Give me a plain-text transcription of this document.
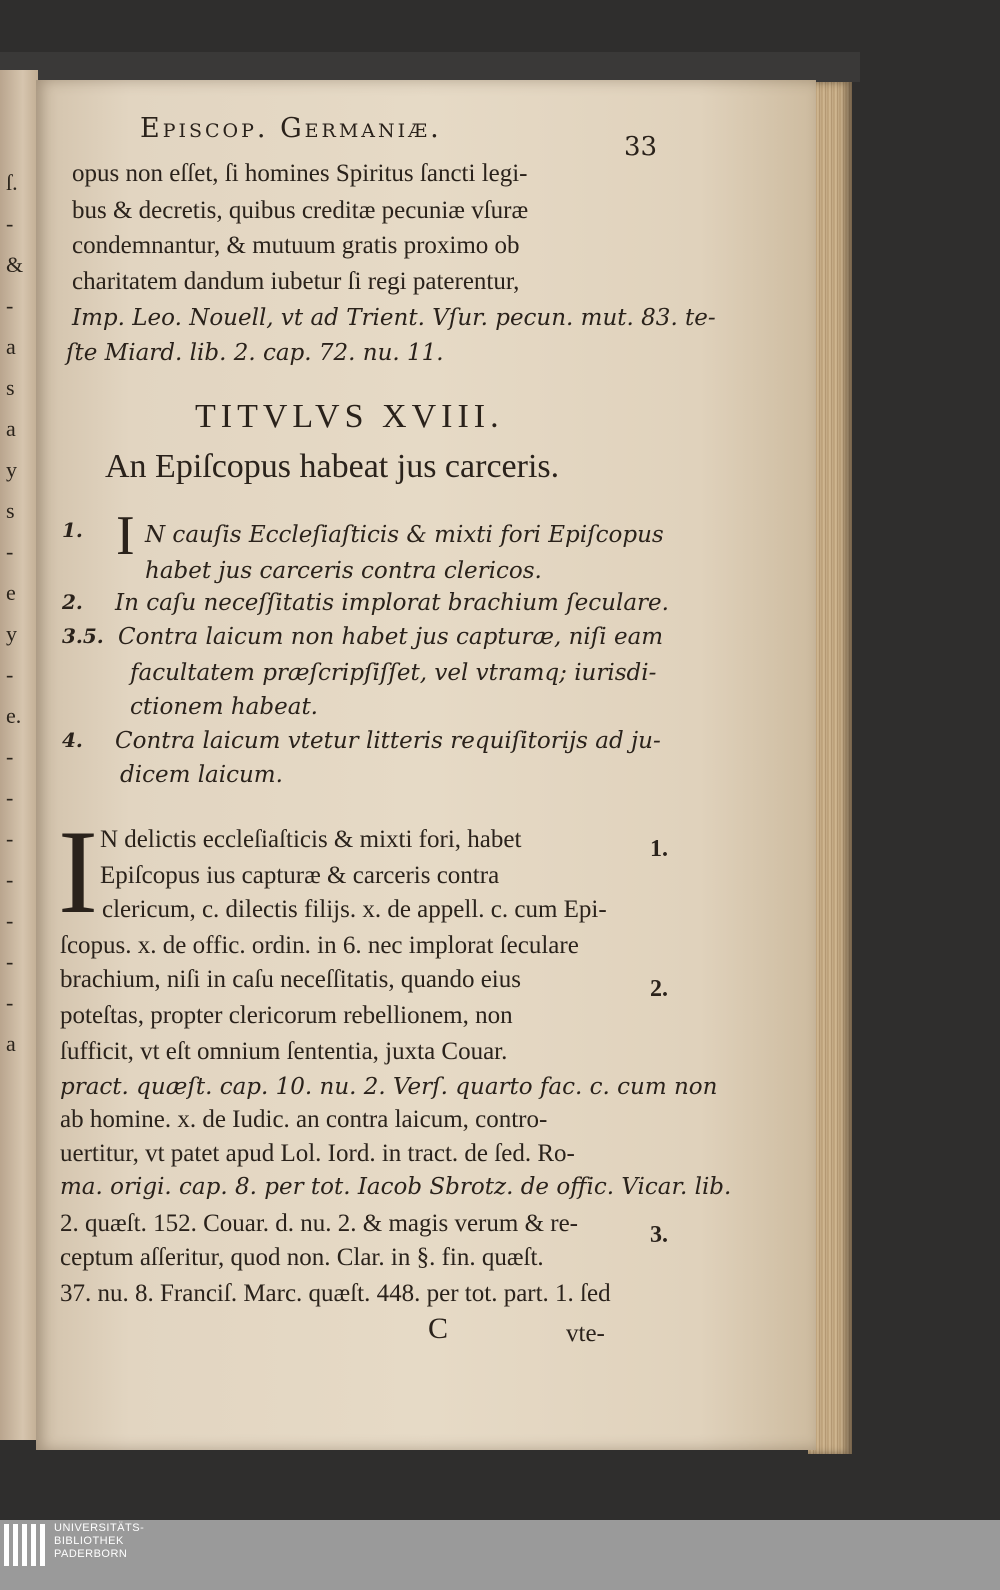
ſ.
-
&
-
a
s
a
y
s
-
e
y
-
e.
-
-
-
-
-
-
-
a
Episcop. Germaniæ.
33
opus non eſſet, ſi homines Spiritus ſancti legi-
bus & decretis, quibus creditæ pecuniæ vſuræ
condemnantur, & mutuum gratis proximo ob
charitatem dandum iubetur ſi regi paterentur,
Imp. Leo. Nouell, vt ad Trient. Vſur. pecun. mut. 83. te-
ſte Miard. lib. 2. cap. 72. nu. 11.
TITVLVS XVIII.
An Epiſcopus habeat jus carceris.
1. I N cauſis Eccleſiaſticis & mixti fori Epiſcopus
habet jus carceris contra clericos.
2. In caſu neceſſitatis implorat brachium ſeculare.
3.5. Contra laicum non habet jus capturæ, niſi eam
facultatem præſcripſiſſet, vel vtramq; iurisdi-
ctionem habeat.
4. Contra laicum vtetur litteris requiſitorijs ad ju-
dicem laicum.
I N delictis eccleſiaſticis & mixti fori, habet
Epiſcopus ius capturæ & carceris contra
clericum, c. dilectis filijs. x. de appell. c. cum Epi-
ſcopus. x. de offic. ordin. in 6. nec implorat ſeculare
brachium, niſi in caſu neceſſitatis, quando eius
poteſtas, propter clericorum rebellionem, non
ſufficit, vt eſt omnium ſententia, juxta Couar.
pract. quæſt. cap. 10. nu. 2. Verſ. quarto fac. c. cum non
ab homine. x. de Iudic. an contra laicum, contro-
uertitur, vt patet apud Lol. Iord. in tract. de ſed. Ro-
ma. origi. cap. 8. per tot. Iacob Sbrotz. de offic. Vicar. lib.
2. quæſt. 152. Couar. d. nu. 2. & magis verum & re-
ceptum aſſeritur, quod non. Clar. in §. fin. quæſt.
37. nu. 8. Franciſ. Marc. quæſt. 448. per tot. part. 1. ſed
1.
2.
3.
C	vte-
UNIVERSITÄTS-
BIBLIOTHEK
PADERBORN
